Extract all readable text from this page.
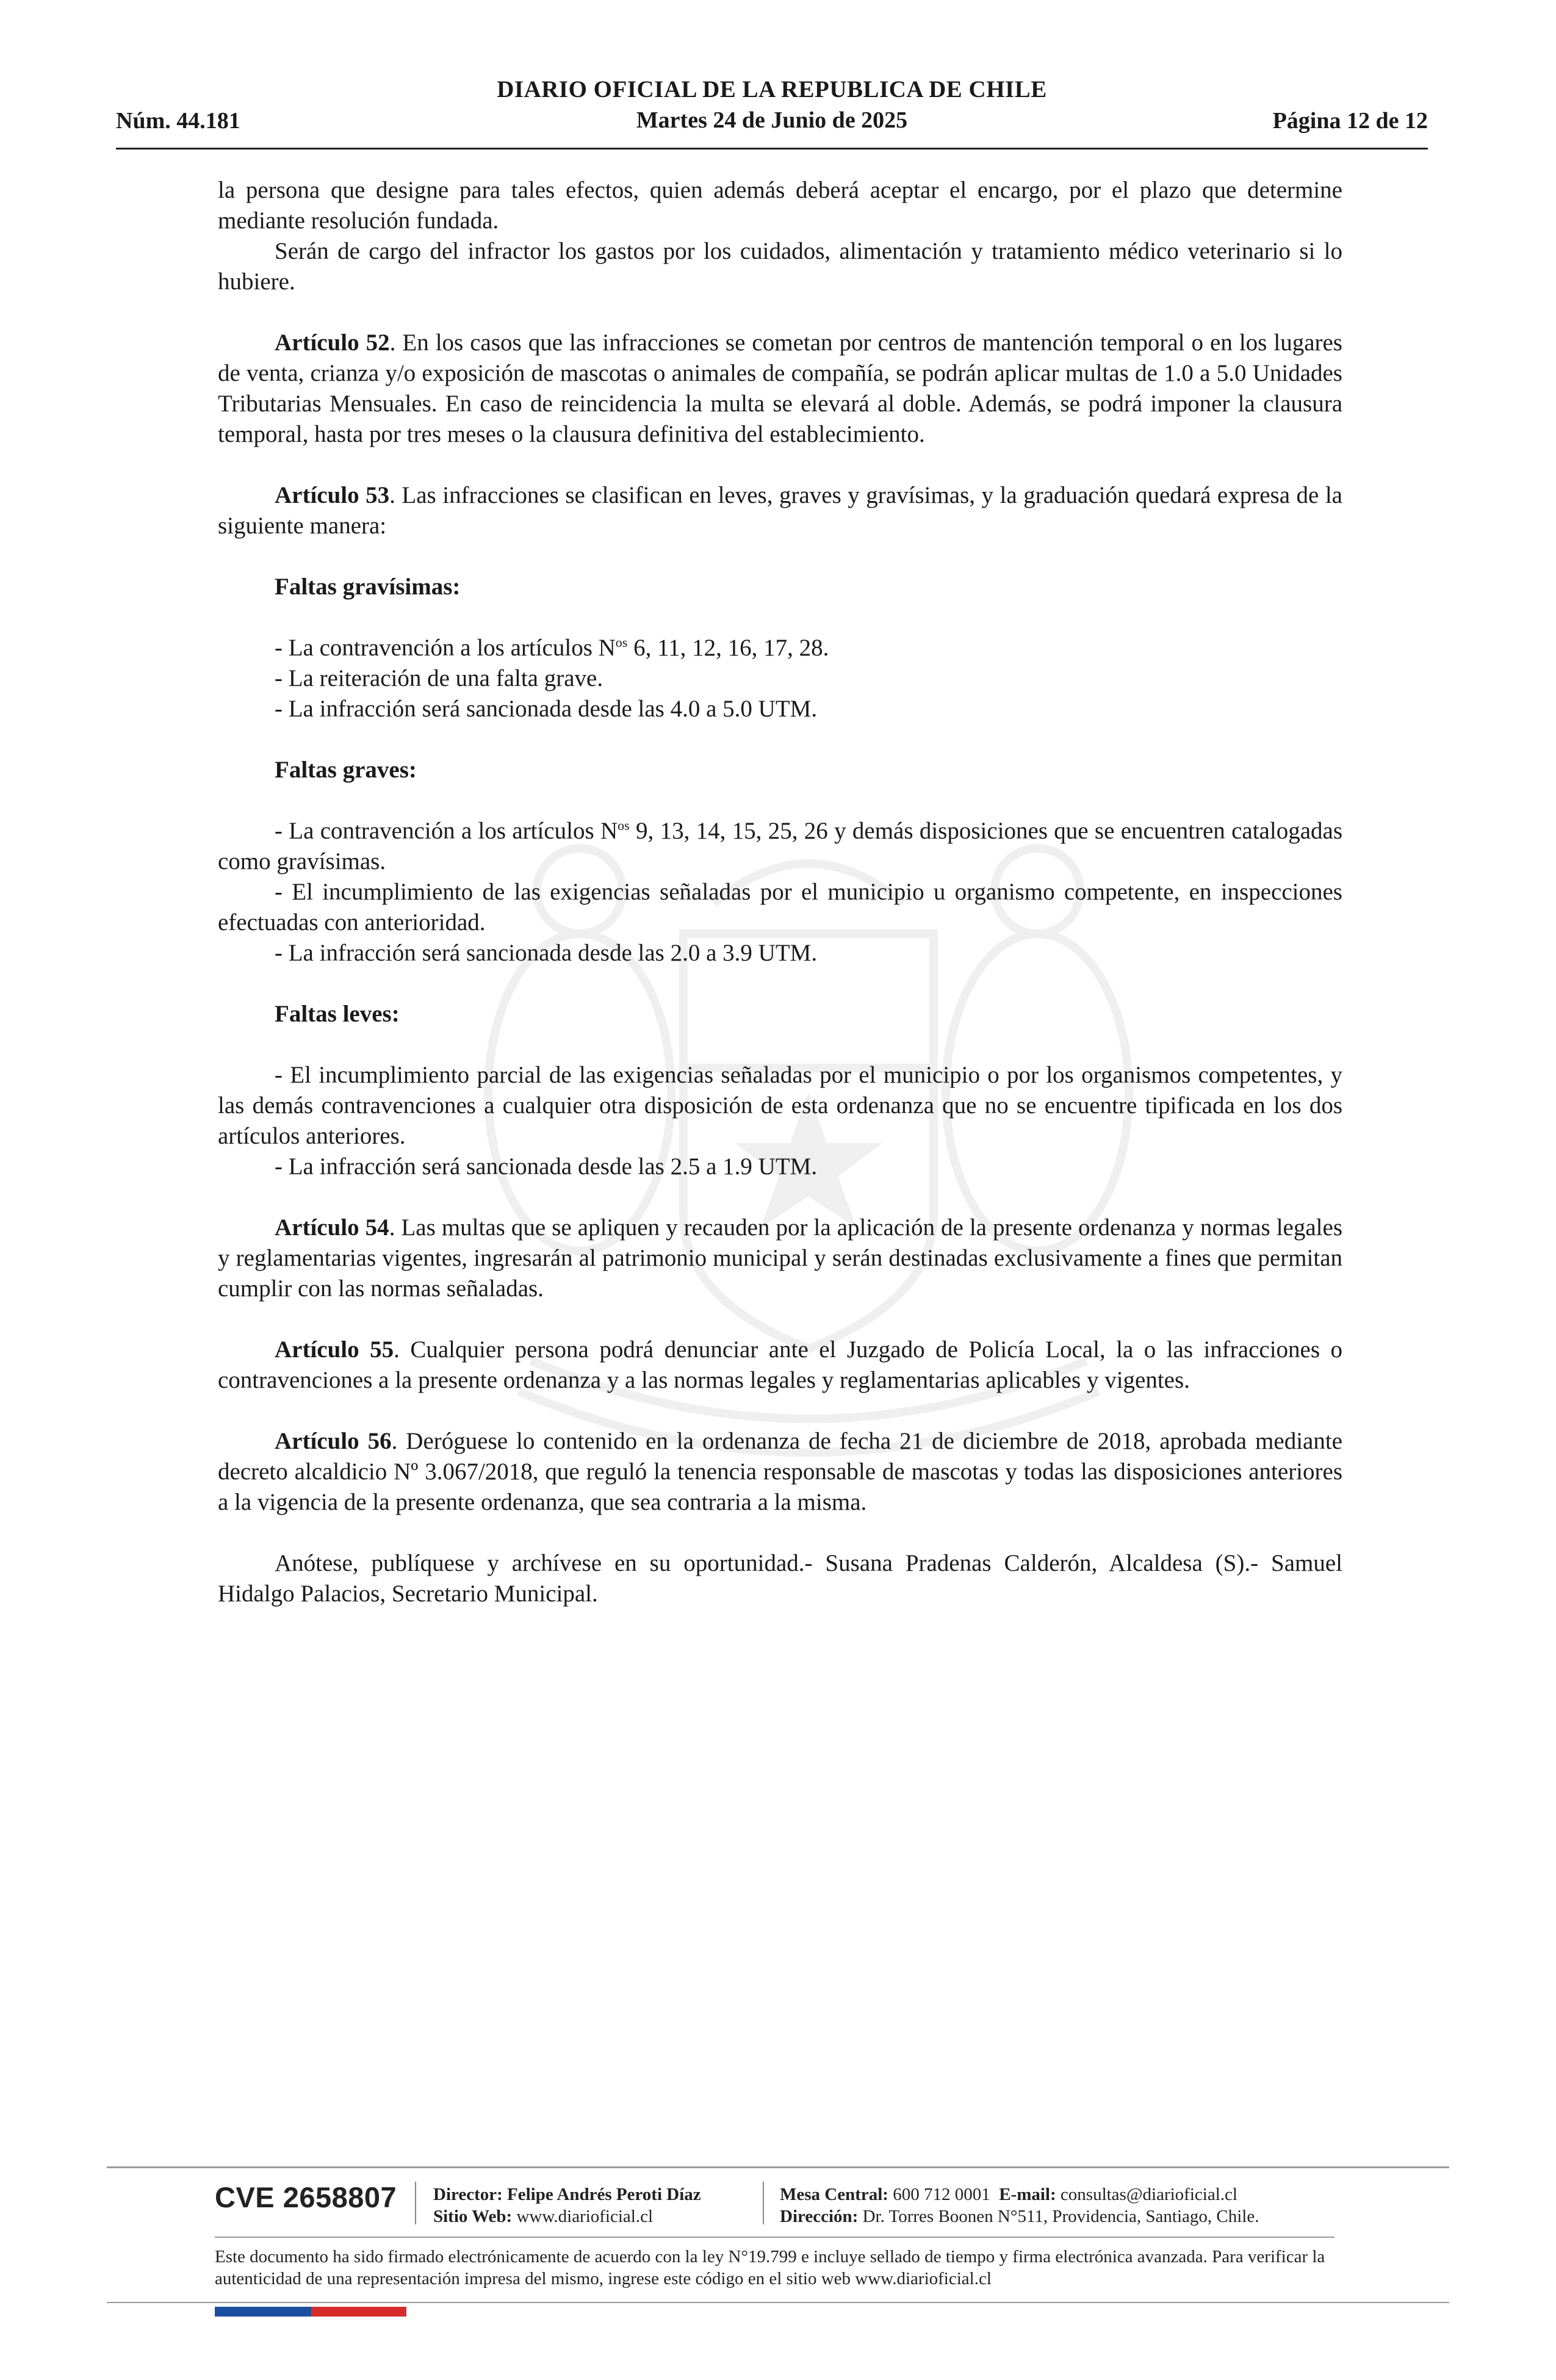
Núm. 44.181
DIARIO OFICIAL DE LA REPUBLICA DE CHILE
Martes 24 de Junio de 2025	Página 12 de 12

la persona que designe para tales efectos, quien además deberá aceptar el encargo, por el plazo que determine mediante resolución fundada.

Serán de cargo del infractor los gastos por los cuidados, alimentación y tratamiento médico veterinario si lo hubiere.

Artículo 52. En los casos que las infracciones se cometan por centros de mantención temporal o en los lugares de venta, crianza y/o exposición de mascotas o animales de compañía, se podrán aplicar multas de 1.0 a 5.0 Unidades Tributarias Mensuales. En caso de reincidencia la multa se elevará al doble. Además, se podrá imponer la clausura temporal, hasta por tres meses o la clausura definitiva del establecimiento.

Artículo 53. Las infracciones se clasifican en leves, graves y gravísimas, y la graduación quedará expresa de la siguiente manera:

Faltas gravísimas:

- La contravención a los artículos $N^{os}$ 6, 11, 12, 16, 17, 28.

- La reiteración de una falta grave.

- La infracción será sancionada desde las 4.0 a 5.0 UTM.

Faltas graves:

- La contravención a los artículos $N^{os}$ 9, 13, 14, 15, 25, 26 y demás disposiciones que se encuentren catalogadas como gravísimas.

- El incumplimiento de las exigencias señaladas por el municipio u organismo competente, en inspecciones efectuadas con anterioridad.

- La infracción será sancionada desde las 2.0 a 3.9 UTM.

Faltas leves:

- El incumplimiento parcial de las exigencias señaladas por el municipio o por los organismos competentes, y las demás contravenciones a cualquier otra disposición de esta ordenanza que no se encuentre tipificada en los dos artículos anteriores.

- La infracción será sancionada desde las 2.5 a 1.9 UTM.

Artículo 54. Las multas que se apliquen y recauden por la aplicación de la presente ordenanza y normas legales y reglamentarias vigentes, ingresarán al patrimonio municipal y serán destinadas exclusivamente a fines que permitan cumplir con las normas señaladas.

Artículo 55. Cualquier persona podrá denunciar ante el Juzgado de Policía Local, la o las infracciones o contravenciones a la presente ordenanza y a las normas legales y reglamentarias aplicables y vigentes.

Artículo 56. Deróguese lo contenido en la ordenanza de fecha 21 de diciembre de 2018, aprobada mediante decreto alcaldicio Nº 3.067/2018, que reguló la tenencia responsable de mascotas y todas las disposiciones anteriores a la vigencia de la presente ordenanza, que sea contraria a la misma.

Anótese, publíquese y archívese en su oportunidad.- Susana Pradenas Calderón, Alcaldesa (S).- Samuel Hidalgo Palacios, Secretario Municipal.

CVE 2658807 Director: Felipe Andrés Peroti Díaz
Sitio Web: www.diarioficial.cl
Mesa Central: 600 712 0001 E-mail: consultas@diarioficial.cl
Dirección: Dr. Torres Boonen N°511, Providencia, Santiago, Chile.
Este documento ha sido firmado electrónicamente de acuerdo con la ley N°19.799 e incluye sellado de tiempo y firma electrónica avanzada. Para verificar la autenticidad de una representación impresa del mismo, ingrese este código en el sitio web www.diarioficial.cl
